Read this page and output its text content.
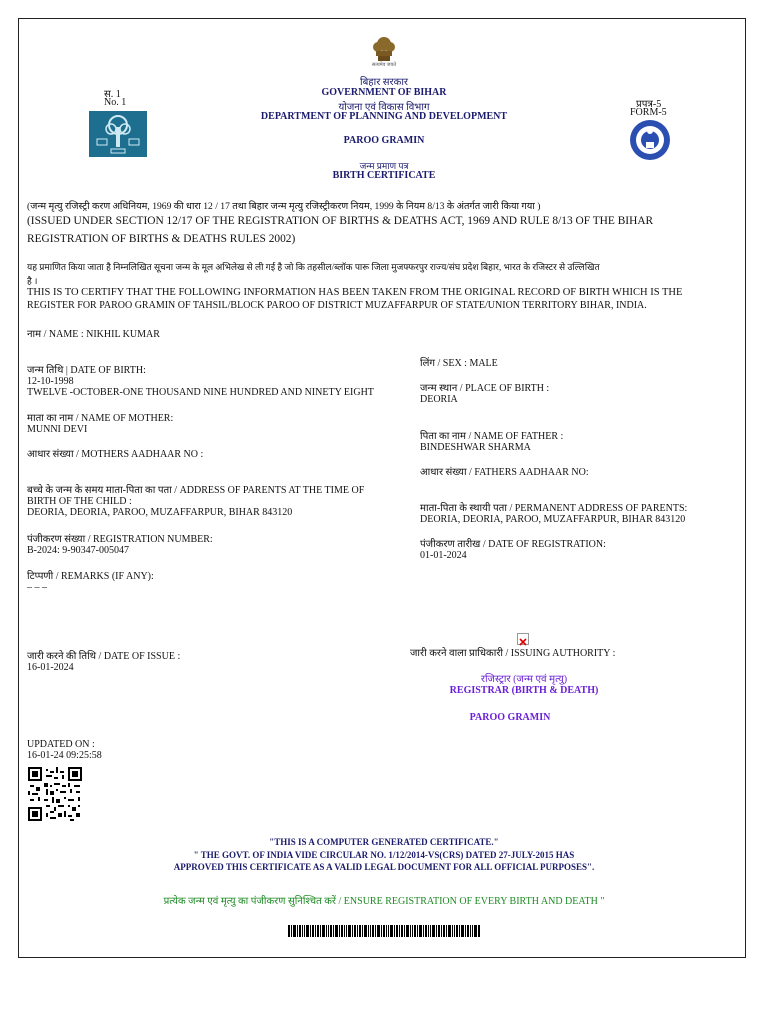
सत्यमेव जयते
स. 1
No. 1	प्रपत्र-5
FORM-5
बिहार सरकार
GOVERNMENT OF BIHAR
योजना एवं विकास विभाग
DEPARTMENT OF PLANNING AND DEVELOPMENT
PAROO GRAMIN
जन्म प्रमाण पत्र
BIRTH CERTIFICATE
(जन्म मृत्यु रजिस्ट्री करण अधिनियम, 1969 की धारा 12 / 17 तथा बिहार जन्म मृत्यु रजिस्ट्रीकरण नियम, 1999 के नियम 8/13 के अंतर्गत जारी किया गया )
(ISSUED UNDER SECTION 12/17 OF THE REGISTRATION OF BIRTHS & DEATHS ACT, 1969 AND RULE 8/13 OF THE BIHAR
REGISTRATION OF BIRTHS & DEATHS RULES 2002)
यह प्रमाणित किया जाता है निम्नलिखित सूचना जन्म के मूल अभिलेख से ली गई है जो कि तहसील/ब्लॉक पारू जिला मुजफ्फरपुर राज्य/संघ प्रदेश बिहार, भारत के रजिस्टर से उल्लिखित
है ।
THIS IS TO CERTIFY THAT THE FOLLOWING INFORMATION HAS BEEN TAKEN FROM THE ORIGINAL RECORD OF BIRTH WHICH IS THE
REGISTER FOR PAROO GRAMIN OF TAHSIL/BLOCK PAROO OF DISTRICT MUZAFFARPUR OF STATE/UNION TERRITORY BIHAR, INDIA.
नाम / NAME : NIKHIL KUMAR
जन्म तिथि | DATE OF BIRTH:
12-10-1998
TWELVE -OCTOBER-ONE THOUSAND NINE HUNDRED AND NINETY EIGHT
माता का नाम / NAME OF MOTHER:
MUNNI DEVI
आधार संख्या / MOTHERS AADHAAR NO :
बच्चे के जन्म के समय माता-पिता का पता / ADDRESS OF PARENTS AT THE TIME OF
BIRTH OF THE CHILD :
DEORIA, DEORIA, PAROO, MUZAFFARPUR, BIHAR 843120
पंजीकरण संख्या / REGISTRATION NUMBER:
B-2024: 9-90347-005047
टिप्पणी / REMARKS (IF ANY):
– – –
जारी करने की तिथि / DATE OF ISSUE :
16-01-2024
UPDATED ON :
16-01-24 09:25:58
लिंग / SEX : MALE
जन्म स्थान / PLACE OF BIRTH :
DEORIA
पिता का नाम / NAME OF FATHER :
BINDESHWAR SHARMA
आधार संख्या / FATHERS AADHAAR NO:
माता-पिता के स्थायी पता / PERMANENT ADDRESS OF PARENTS:
DEORIA, DEORIA, PAROO, MUZAFFARPUR, BIHAR 843120
पंजीकरण तारीख / DATE OF REGISTRATION:
01-01-2024
जारी करने वाला प्राधिकारी / ISSUING AUTHORITY :
रजिस्ट्रार (जन्म एवं मृत्यु)
REGISTRAR (BIRTH & DEATH)
PAROO GRAMIN
"THIS IS A COMPUTER GENERATED CERTIFICATE."
" THE GOVT. OF INDIA VIDE CIRCULAR NO. 1/12/2014-VS(CRS) DATED 27-JULY-2015 HAS
APPROVED THIS CERTIFICATE AS A VALID LEGAL DOCUMENT FOR ALL OFFICIAL PURPOSES".
प्रत्येक जन्म एवं मृत्यु का पंजीकरण सुनिश्चित करें / ENSURE REGISTRATION OF EVERY BIRTH AND DEATH "
